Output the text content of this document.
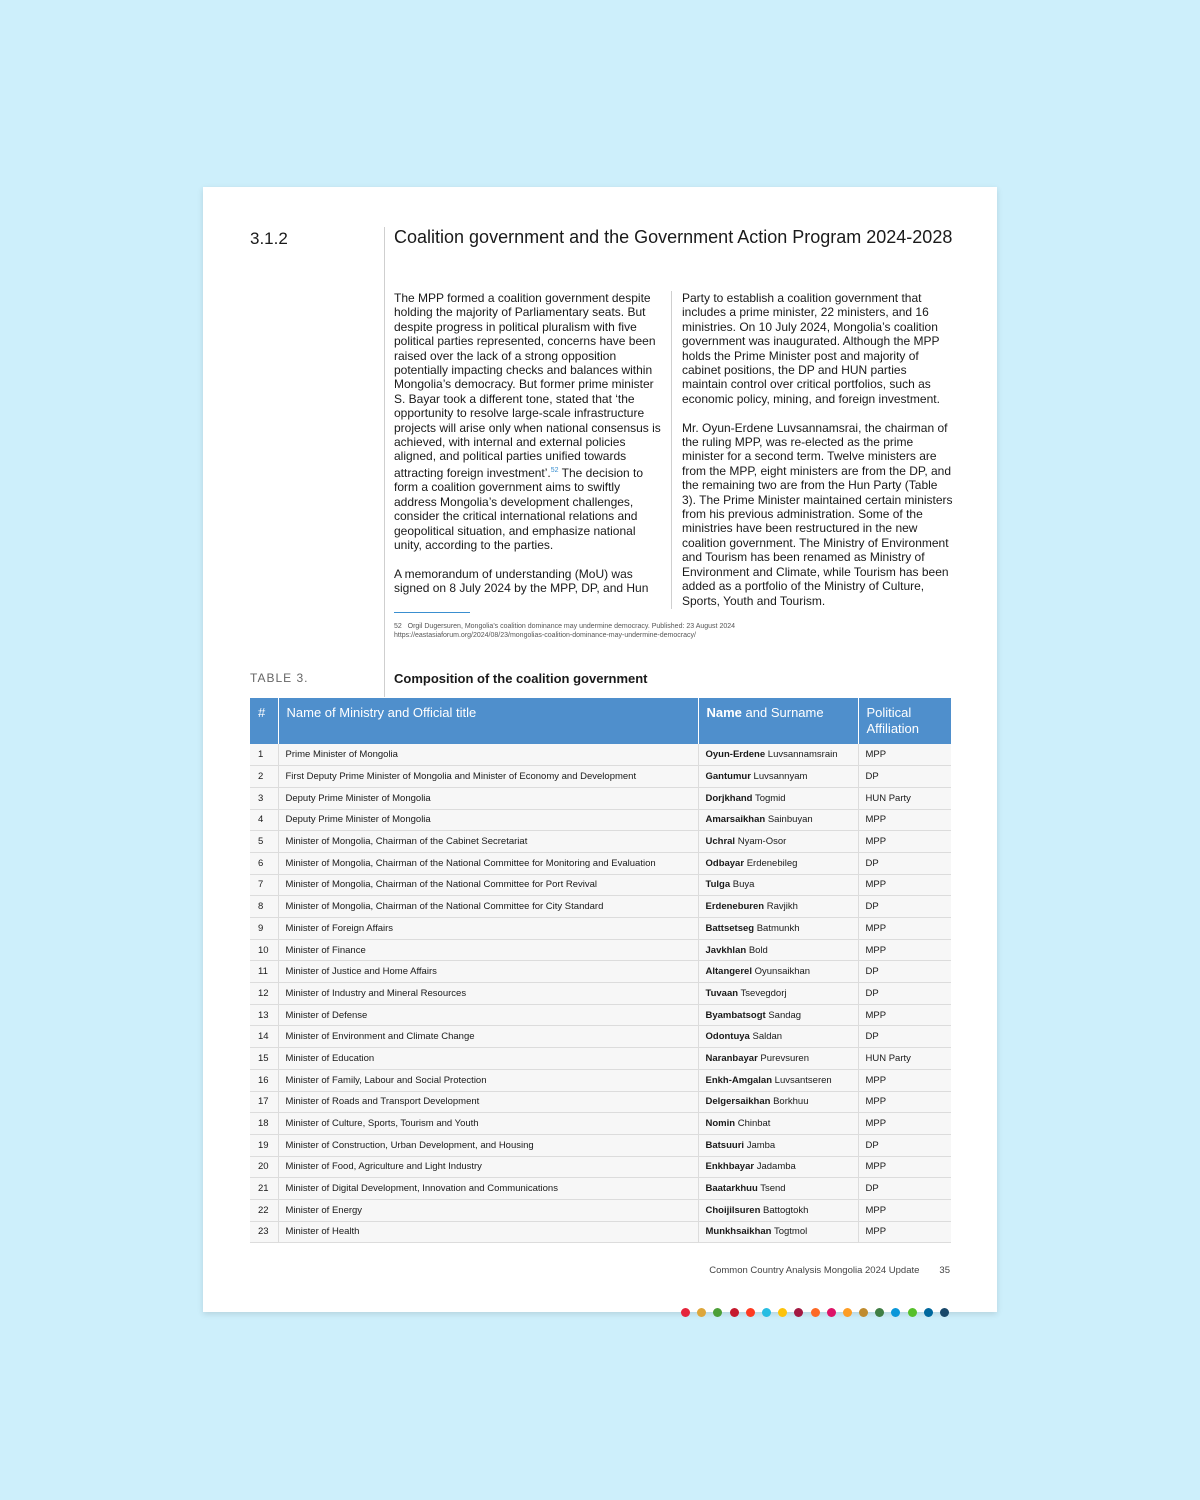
3.1.2	Coalition government and the Government Action Program 2024-2028

The MPP formed a coalition government despite holding the majority of Parliamentary seats. But despite progress in political pluralism with five political parties represented, concerns have been raised over the lack of a strong opposition potentially impacting checks and balances within Mongolia’s democracy. But former prime minister S. Bayar took a different tone, stated that ‘the opportunity to resolve large-scale infrastructure projects will arise only when national consensus is achieved, with internal and external policies aligned, and political parties unified towards attracting foreign investment’.$^{52}$ The decision to form a coalition government aims to swiftly address Mongolia’s development challenges, consider the critical international relations and geopolitical situation, and emphasize national unity, according to the parties.

A memorandum of understanding (MoU) was signed on 8 July 2024 by the MPP, DP, and Hun

Party to establish a coalition government that includes a prime minister, 22 ministers, and 16 ministries. On 10 July 2024, Mongolia’s coalition government was inaugurated. Although the MPP holds the Prime Minister post and majority of cabinet positions, the DP and HUN parties maintain control over critical portfolios, such as economic policy, mining, and foreign investment.

Mr. Oyun-Erdene Luvsannamsrai, the chairman of the ruling MPP, was re-elected as the prime minister for a second term. Twelve ministers are from the MPP, eight ministers are from the DP, and the remaining two are from the Hun Party (Table 3). The Prime Minister maintained certain ministers from his previous administration. Some of the ministries have been restructured in the new coalition government. The Ministry of Environment and Tourism has been renamed as Ministry of Environment and Climate, while Tourism has been added as a portfolio of the Ministry of Culture, Sports, Youth and Tourism.

52 Orgil Dugersuren, Mongolia’s coalition dominance may undermine democracy. Published: 23 August 2024
https://eastasiaforum.org/2024/08/23/mongolias-coalition-dominance-may-undermine-democracy/
TABLE 3.	Composition of the coalition government
#	Name of Ministry and Official title	Name and Surname	Political Affiliation
1	Prime Minister of Mongolia	Oyun-Erdene Luvsannamsrain	MPP
2	First Deputy Prime Minister of Mongolia and Minister of Economy and Development	Gantumur Luvsannyam	DP
3	Deputy Prime Minister of Mongolia	Dorjkhand Togmid	HUN Party
4	Deputy Prime Minister of Mongolia	Amarsaikhan Sainbuyan	MPP
5	Minister of Mongolia, Chairman of the Cabinet Secretariat	Uchral Nyam-Osor	MPP
6	Minister of Mongolia, Chairman of the National Committee for Monitoring and Evaluation	Odbayar Erdenebileg	DP
7	Minister of Mongolia, Chairman of the National Committee for Port Revival	Tulga Buya	MPP
8	Minister of Mongolia, Chairman of the National Committee for City Standard	Erdeneburen Ravjikh	DP
9	Minister of Foreign Affairs	Battsetseg Batmunkh	MPP
10	Minister of Finance	Javkhlan Bold	MPP
11	Minister of Justice and Home Affairs	Altangerel Oyunsaikhan	DP
12	Minister of Industry and Mineral Resources	Tuvaan Tsevegdorj	DP
13	Minister of Defense	Byambatsogt Sandag	MPP
14	Minister of Environment and Climate Change	Odontuya Saldan	DP
15	Minister of Education	Naranbayar Purevsuren	HUN Party
16	Minister of Family, Labour and Social Protection	Enkh-Amgalan Luvsantseren	MPP
17	Minister of Roads and Transport Development	Delgersaikhan Borkhuu	MPP
18	Minister of Culture, Sports, Tourism and Youth	Nomin Chinbat	MPP
19	Minister of Construction, Urban Development, and Housing	Batsuuri Jamba	DP
20	Minister of Food, Agriculture and Light Industry	Enkhbayar Jadamba	MPP
21	Minister of Digital Development, Innovation and Communications	Baatarkhuu Tsend	DP
22	Minister of Energy	Choijilsuren Battogtokh	MPP
23	Minister of Health	Munkhsaikhan Togtmol	MPP
Common Country Analysis Mongolia 2024 Update 35
